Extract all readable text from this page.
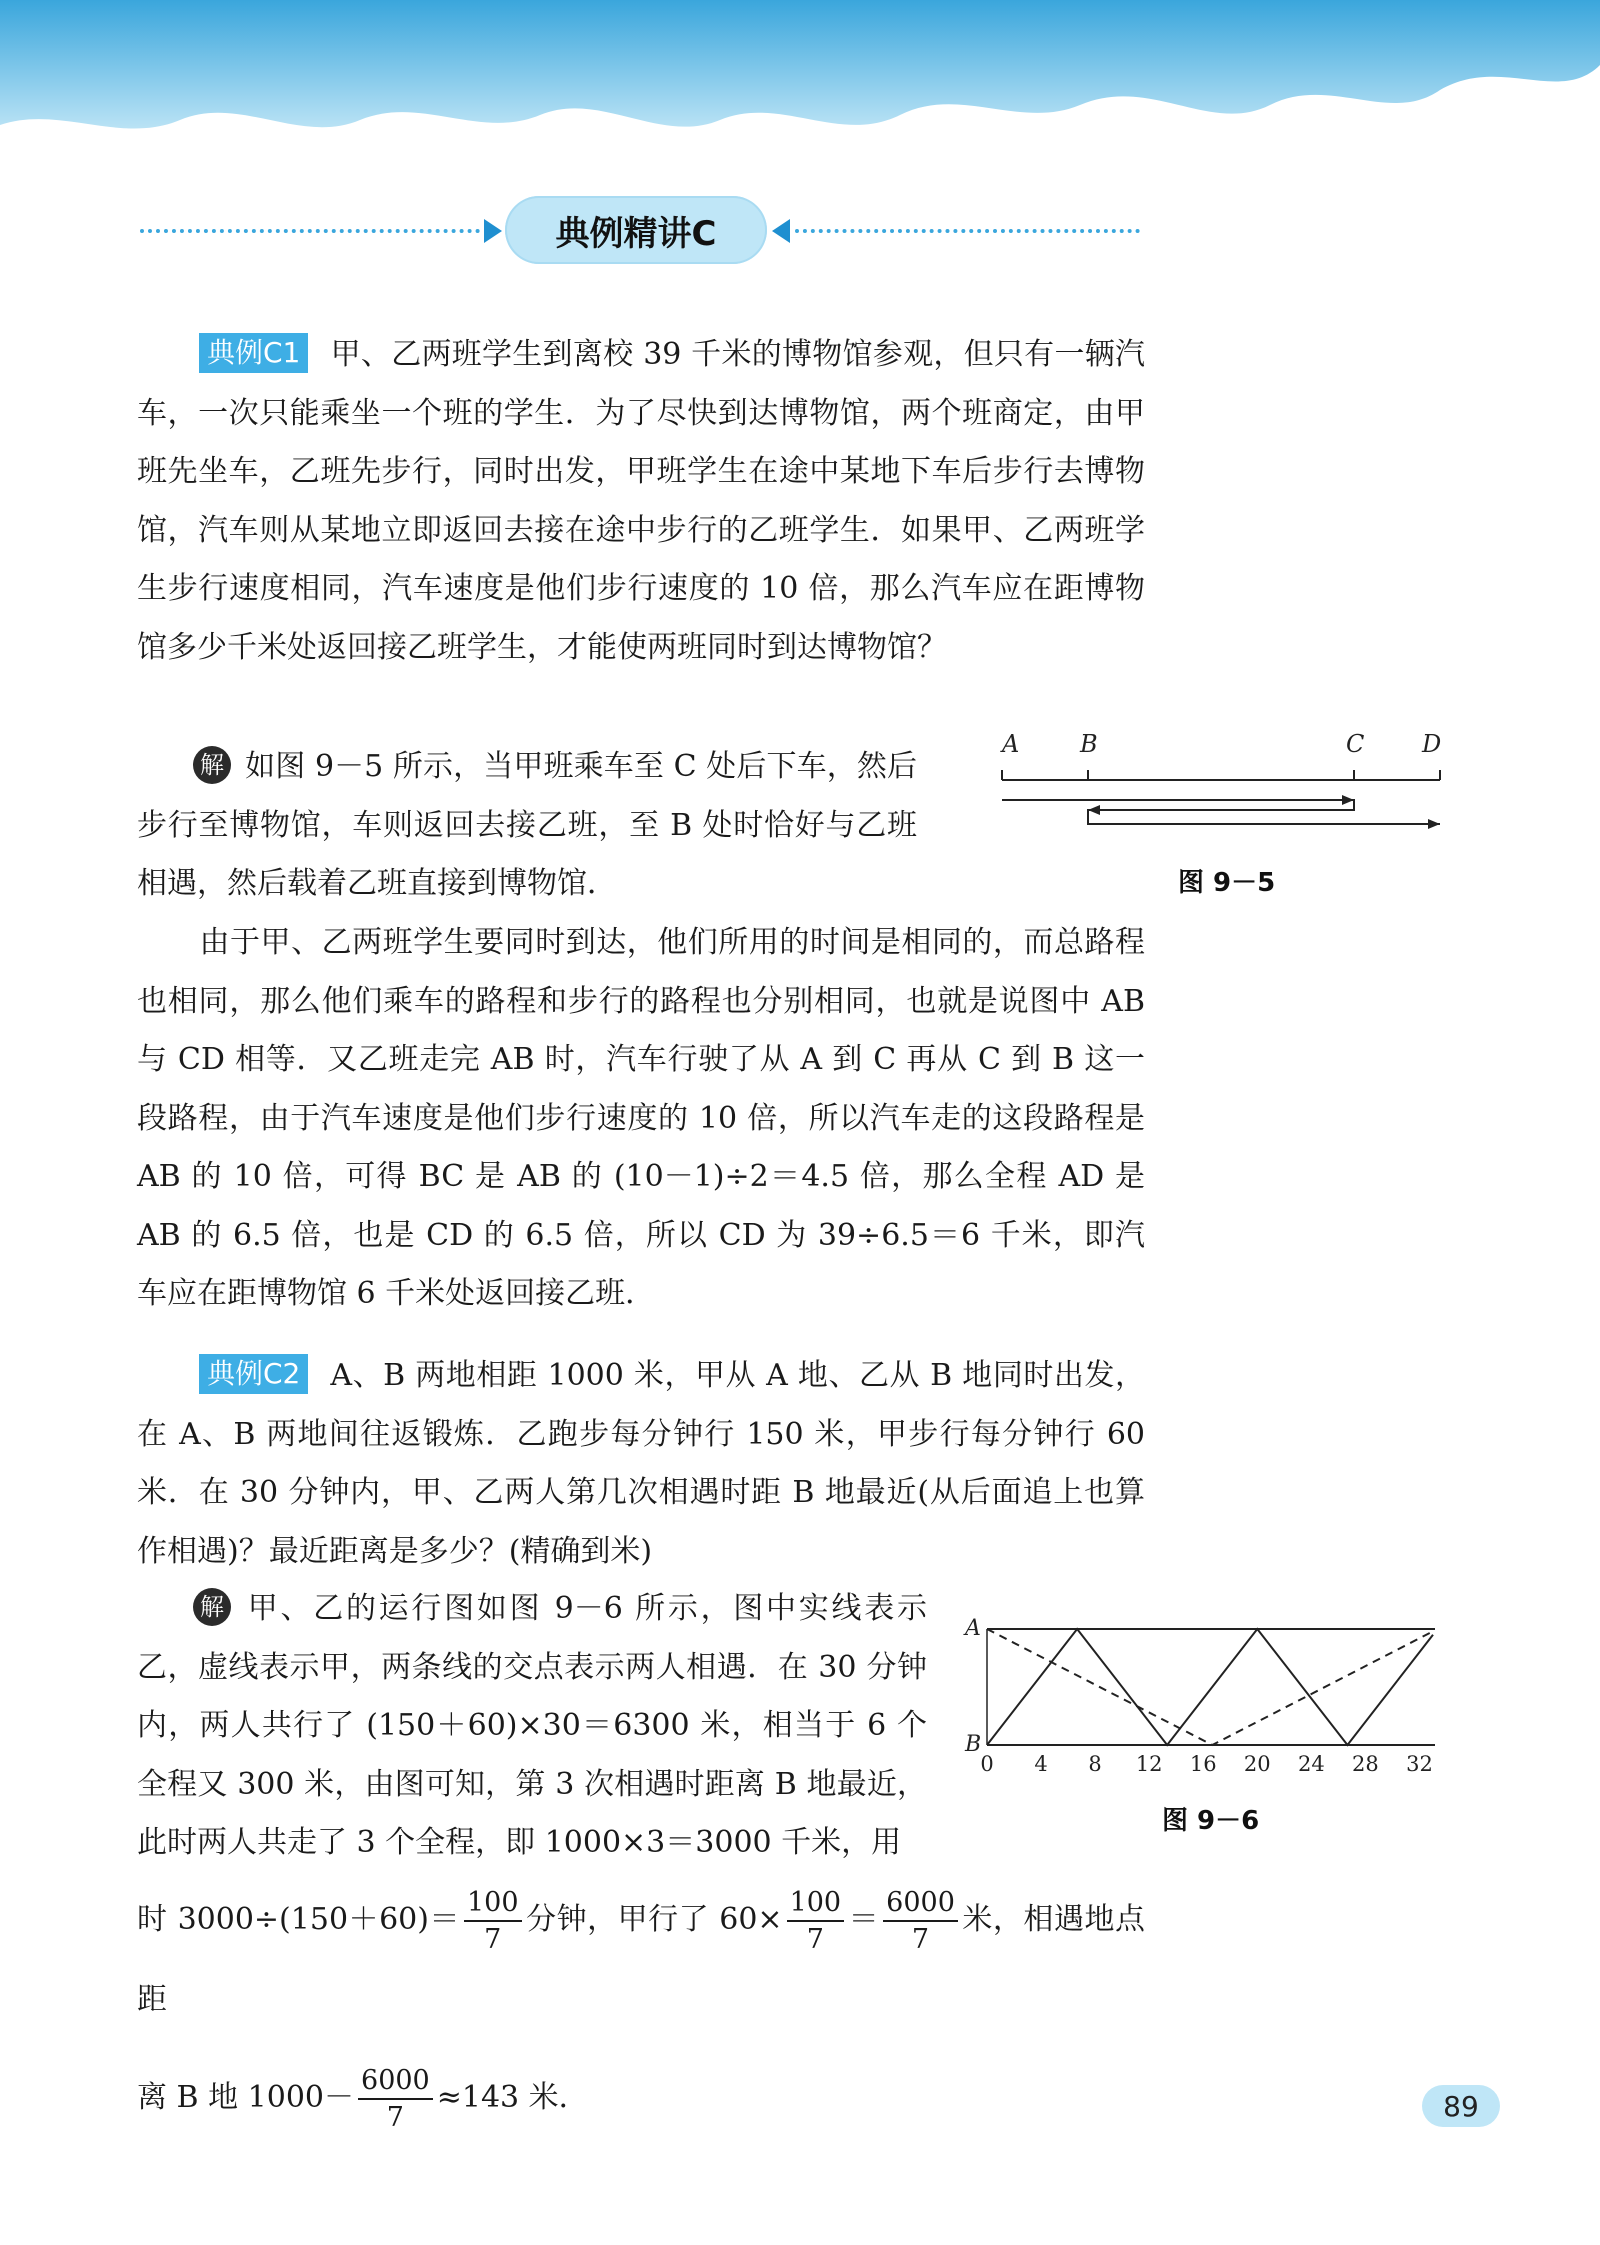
典例精讲C

典例C1 甲、乙两班学生到离校 39 千米的博物馆参观，但只有一辆汽车，一次只能乘坐一个班的学生．为了尽快到达博物馆，两个班商定，由甲班先坐车，乙班先步行，同时出发，甲班学生在途中某地下车后步行去博物馆，汽车则从某地立即返回去接在途中步行的乙班学生．如果甲、乙两班学生步行速度相同，汽车速度是他们步行速度的 10 倍，那么汽车应在距博物馆多少千米处返回接乙班学生，才能使两班同时到达博物馆？

解 如图 9－5 所示，当甲班乘车至 C 处后下车，然后步行至博物馆，车则返回去接乙班，至 B 处时恰好与乙班相遇，然后载着乙班直接到博物馆．

A	B	C D
图 9－5

由于甲、乙两班学生要同时到达，他们所用的时间是相同的，而总路程也相同，那么他们乘车的路程和步行的路程也分别相同，也就是说图中 AB 与 CD 相等．又乙班走完 AB 时，汽车行驶了从 A 到 C 再从 C 到 B 这一段路程，由于汽车速度是他们步行速度的 10 倍，所以汽车走的这段路程是 AB 的 10 倍，可得 BC 是 AB 的 (10－1)÷2＝4.5 倍，那么全程 AD 是 AB 的 6.5 倍，也是 CD 的 6.5 倍，所以 CD 为 39÷6.5＝6 千米，即汽车应在距博物馆 6 千米处返回接乙班．

典例C2 A、B 两地相距 1000 米，甲从 A 地、乙从 B 地同时出发，在 A、B 两地间往返锻炼．乙跑步每分钟行 150 米，甲步行每分钟行 60 米．在 30 分钟内，甲、乙两人第几次相遇时距 B 地最近(从后面追上也算作相遇)？最近距离是多少？(精确到米)

解 甲、乙的运行图如图 9－6 所示，图中实线表示乙，虚线表示甲，两条线的交点表示两人相遇．在 30 分钟内，两人共行了 (150＋60)×30＝6300 米，相当于 6 个全程又 300 米，由图可知，第 3 次相遇时距离 B 地最近，此时两人共走了 3 个全程，即 1000×3＝3000 千米，用

A
B
0 4 8 12 16 20 24 28 32
图 9－6

时 $3000\div(150+60)= \frac{100}{7}$ 分钟，甲行了 $60\times \frac{100}{7} = \frac{6000}{7}$ 米，相遇地点距

离 B 地 $1000- \frac{6000}{7} \approx 143$ 米．	89
